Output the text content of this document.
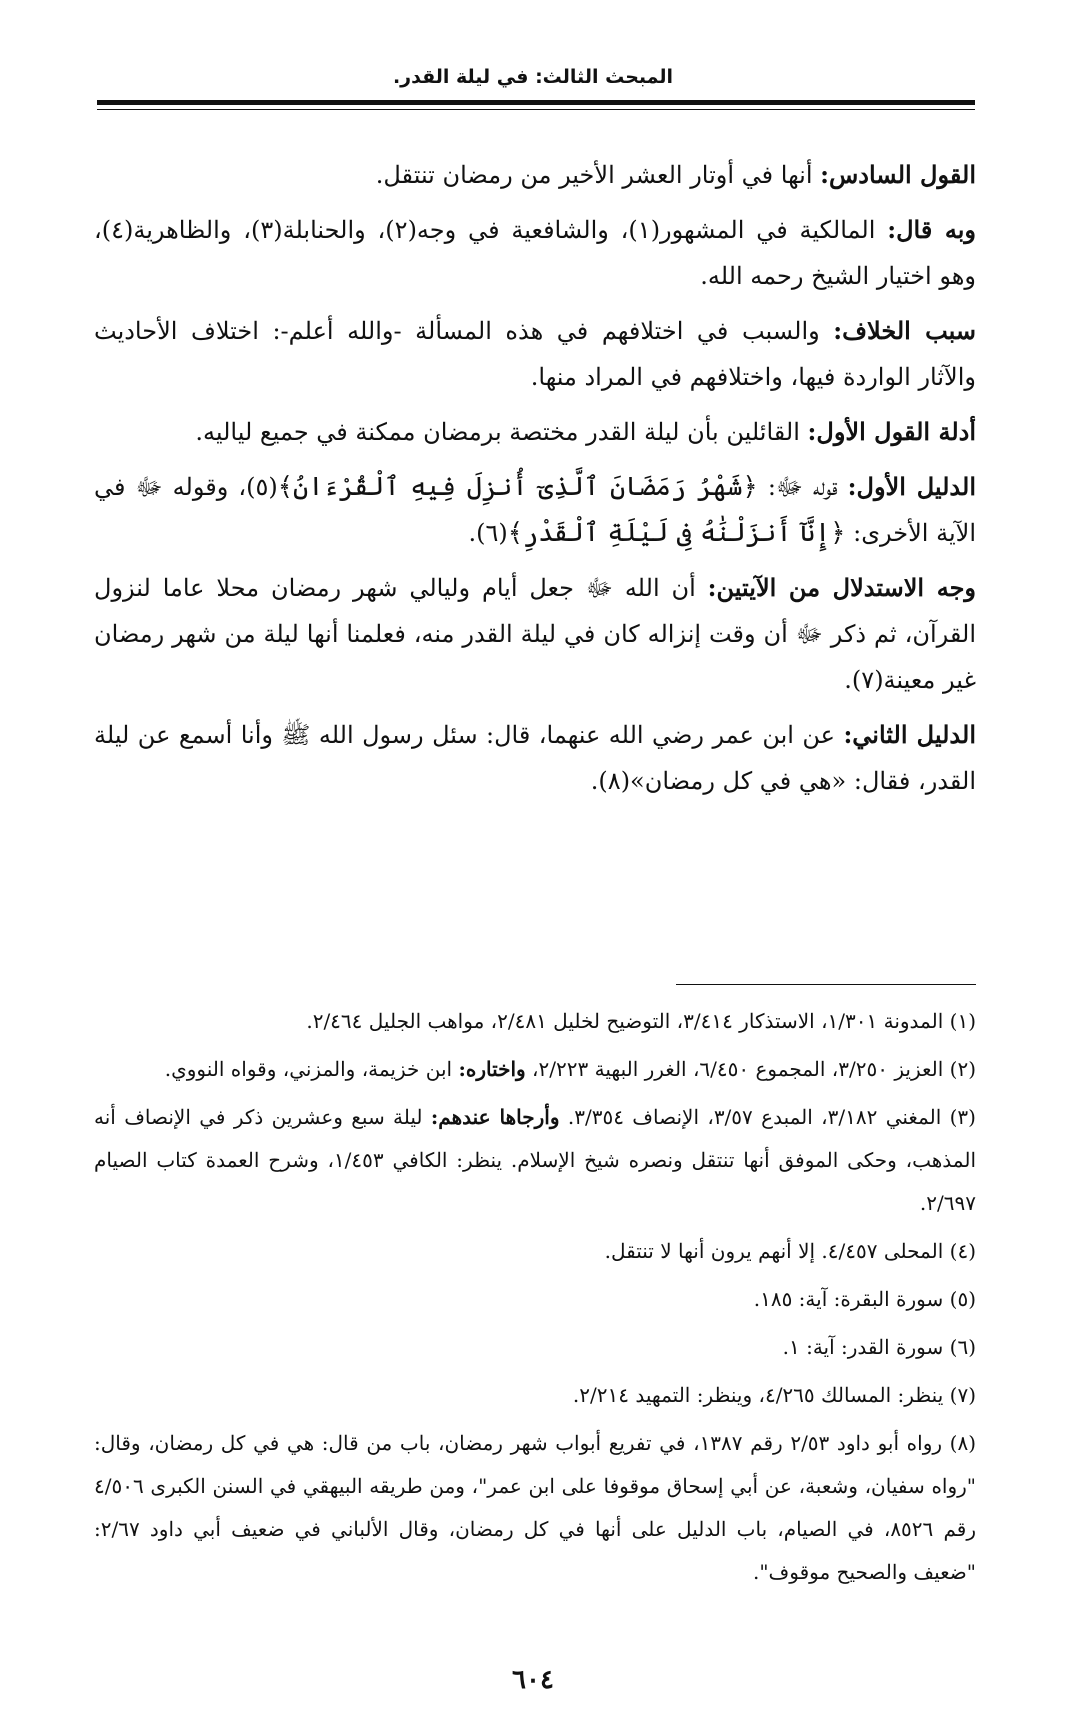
المبحث الثالث: في ليلة القدر.

القول السادس: أنها في أوتار العشر الأخير من رمضان تنتقل.

وبه قال: المالكية في المشهور(١)، والشافعية في وجه(٢)، والحنابلة(٣)، والظاهرية(٤)، وهو اختيار الشيخ رحمه الله.

سبب الخلاف: والسبب في اختلافهم في هذه المسألة -والله أعلم-: اختلاف الأحاديث والآثار الواردة فيها، واختلافهم في المراد منها.

أدلة القول الأول: القائلين بأن ليلة القدر مختصة برمضان ممكنة في جميع لياليه.

الدليل الأول: قوله ﷻ: ﴿شَهْرُ رَمَضَانَ ٱلَّذِىٓ أُنزِلَ فِيهِ ٱلْقُرْءَانُ﴾(٥)، وقوله ﷻ في الآية الأخرى: ﴿إِنَّآ أَنزَلْنَٰهُ فِى لَيْلَةِ ٱلْقَدْرِ﴾(٦).

وجه الاستدلال من الآيتين: أن الله ﷻ جعل أيام وليالي شهر رمضان محلا عاما لنزول القرآن، ثم ذكر ﷻ أن وقت إنزاله كان في ليلة القدر منه، فعلمنا أنها ليلة من شهر رمضان غير معينة(٧).

الدليل الثاني: عن ابن عمر رضي الله عنهما، قال: سئل رسول الله ﷺ وأنا أسمع عن ليلة القدر، فقال: «هي في كل رمضان»(٨).

(١) المدونة ١/٣٠١، الاستذكار ٣/٤١٤، التوضيح لخليل ٢/٤٨١، مواهب الجليل ٢/٤٦٤.

(٢) العزيز ٣/٢٥٠، المجموع ٦/٤٥٠، الغرر البهية ٢/٢٢٣، واختاره: ابن خزيمة، والمزني، وقواه النووي.

(٣) المغني ٣/١٨٢، المبدع ٣/٥٧، الإنصاف ٣/٣٥٤. وأرجاها عندهم: ليلة سبع وعشرين ذكر في الإنصاف أنه المذهب، وحكى الموفق أنها تنتقل ونصره شيخ الإسلام. ينظر: الكافي ١/٤٥٣، وشرح العمدة كتاب الصيام ٢/٦٩٧.

(٤) المحلى ٤/٤٥٧. إلا أنهم يرون أنها لا تنتقل.

(٥) سورة البقرة: آية: ١٨٥.

(٦) سورة القدر: آية: ١.

(٧) ينظر: المسالك ٤/٢٦٥، وينظر: التمهيد ٢/٢١٤.

(٨) رواه أبو داود ٢/٥٣ رقم ١٣٨٧، في تفريع أبواب شهر رمضان، باب من قال: هي في كل رمضان، وقال: "رواه سفيان، وشعبة، عن أبي إسحاق موقوفا على ابن عمر"، ومن طريقه البيهقي في السنن الكبرى ٤/٥٠٦ رقم ٨٥٢٦، في الصيام، باب الدليل على أنها في كل رمضان، وقال الألباني في ضعيف أبي داود ٢/٦٧: "ضعيف والصحيح موقوف".

٦٠٤
